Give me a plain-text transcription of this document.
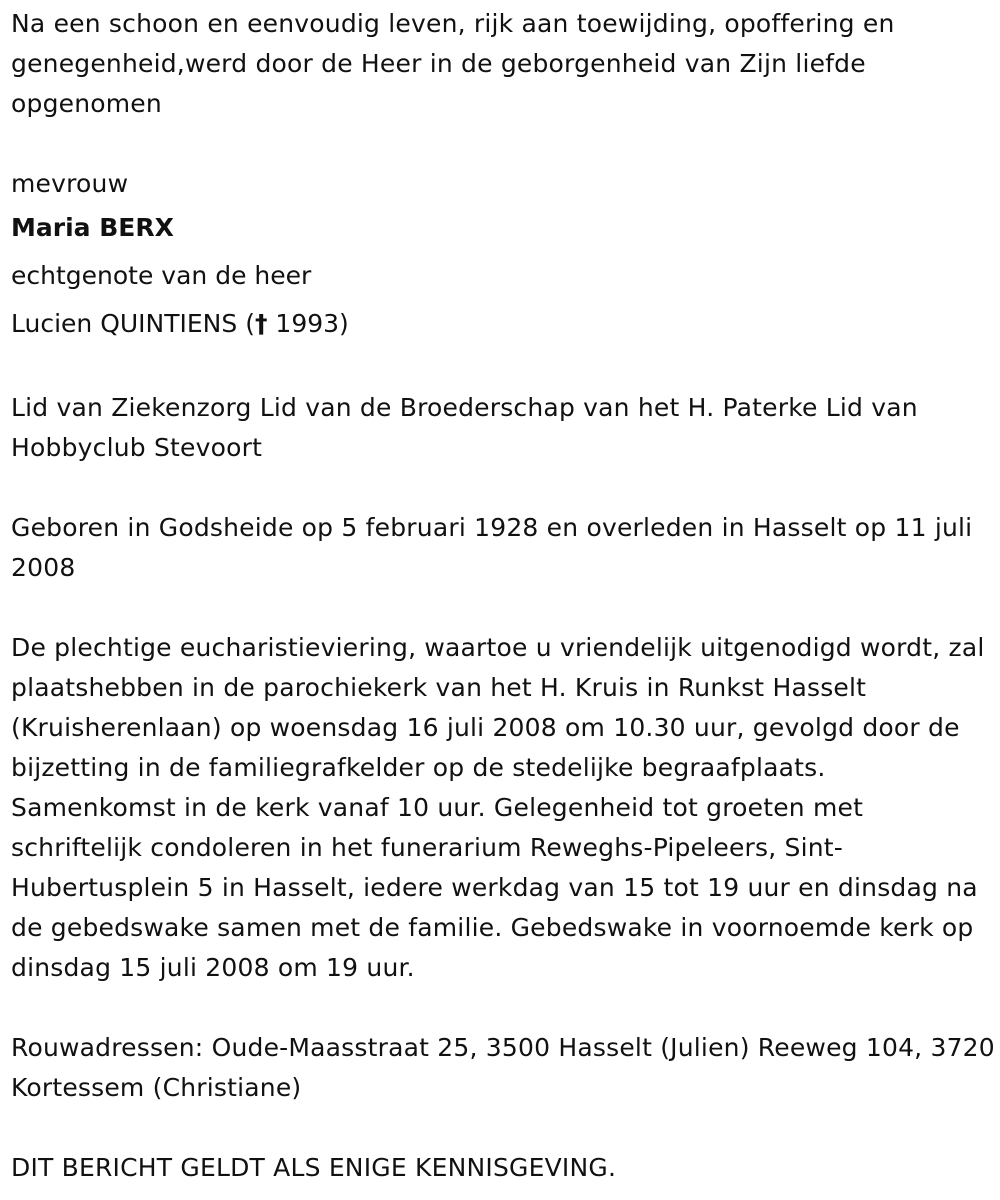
Na een schoon en eenvoudig leven, rijk aan toewijding, opoffering en genegenheid,werd door de Heer in de geborgenheid van Zijn liefde opgenomen

mevrouw

Maria BERX

echtgenote van de heer

Lucien QUINTIENS († 1993)

Lid van Ziekenzorg Lid van de Broederschap van het H. Paterke Lid van Hobbyclub Stevoort

Geboren in Godsheide op 5 februari 1928 en overleden in Hasselt op 11 juli 2008

De plechtige eucharistieviering, waartoe u vriendelijk uitgenodigd wordt, zal plaatshebben in de parochiekerk van het H. Kruis in Runkst Hasselt (Kruisherenlaan) op woensdag 16 juli 2008 om 10.30 uur, gevolgd door de bijzetting in de familiegrafkelder op de stedelijke begraafplaats. Samenkomst in de kerk vanaf 10 uur. Gelegenheid tot groeten met schriftelijk condoleren in het funerarium Reweghs-Pipeleers, Sint-Hubertusplein 5 in Hasselt, iedere werkdag van 15 tot 19 uur en dinsdag na de gebedswake samen met de familie. Gebedswake in voornoemde kerk op dinsdag 15 juli 2008 om 19 uur.

Rouwadressen: Oude-Maasstraat 25, 3500 Hasselt (Julien) Reeweg 104, 3720 Kortessem (Christiane)

DIT BERICHT GELDT ALS ENIGE KENNISGEVING.
